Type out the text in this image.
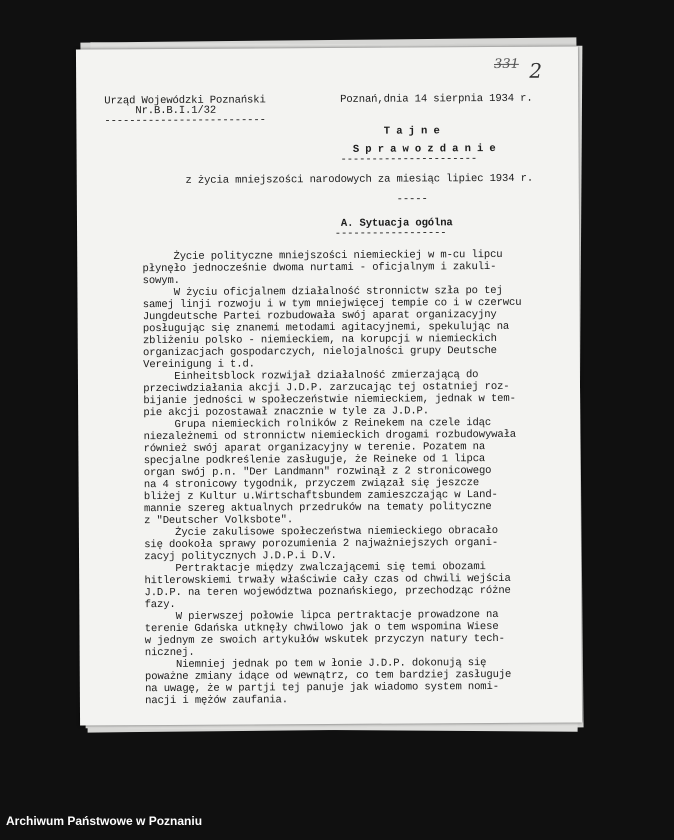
331 2
Urząd Wojewódzki Poznański            Poznań,dnia 14 sierpnia 1934 r.
Nr.B.B.I.1/32
--------------------------
T a j n e
S p r a w o z d a n i e
----------------------
z życia mniejszości narodowych za miesiąc lipiec 1934 r.
-----
A. Sytuacja ogólna
------------------
Życie polityczne mniejszości niemieckiej w m-cu lipcu
płynęło jednocześnie dwoma nurtami - oficjalnym i zakuli-
sowym.
W życiu oficjalnem działalność stronnictw szła po tej
samej linji rozwoju i w tym mniejwięcej tempie co i w czerwcu
Jungdeutsche Partei rozbudowała swój aparat organizacyjny
posługując się znanemi metodami agitacyjnemi, spekulując na
zbliżeniu polsko - niemieckiem, na korupcji w niemieckich
organizacjach gospodarczych, nielojalności grupy Deutsche
Vereinigung i t.d.
Einheitsblock rozwijał działalność zmierzającą do
przeciwdziałania akcji J.D.P. zarzucając tej ostatniej roz-
bijanie jedności w społeczeństwie niemieckiem, jednak w tem-
pie akcji pozostawał znacznie w tyle za J.D.P.
Grupa niemieckich rolników z Reinekem na czele idąc
niezależnemi od stronnictw niemieckich drogami rozbudowywała
również swój aparat organizacyjny w terenie. Pozatem na
specjalne podkreślenie zasługuje, że Reineke od 1 lipca
organ swój p.n. "Der Landmann" rozwinął z 2 stronicowego
na 4 stronicowy tygodnik, przyczem związał się jeszcze
bliżej z Kultur u.Wirtschaftsbundem zamieszczając w Land-
mannie szereg aktualnych przedruków na tematy polityczne
z "Deutscher Volksbote".
Życie zakulisowe społeczeństwa niemieckiego obracało
się dookoła sprawy porozumienia 2 najważniejszych organi-
zacyj politycznych J.D.P.i D.V.
Pertraktacje między zwalczającemi się temi obozami
hitlerowskiemi trwały właściwie cały czas od chwili wejścia
J.D.P. na teren województwa poznańskiego, przechodząc różne
fazy.
W pierwszej połowie lipca pertraktacje prowadzone na
terenie Gdańska utknęły chwilowo jak o tem wspomina Wiese
w jednym ze swoich artykułów wskutek przyczyn natury tech-
nicznej.
Niemniej jednak po tem w łonie J.D.P. dokonują się
poważne zmiany idące od wewnątrz, co tem bardziej zasługuje
na uwagę, że w partji tej panuje jak wiadomo system nomi-
nacji i mężów zaufania.
Archiwum Państwowe w Poznaniu
